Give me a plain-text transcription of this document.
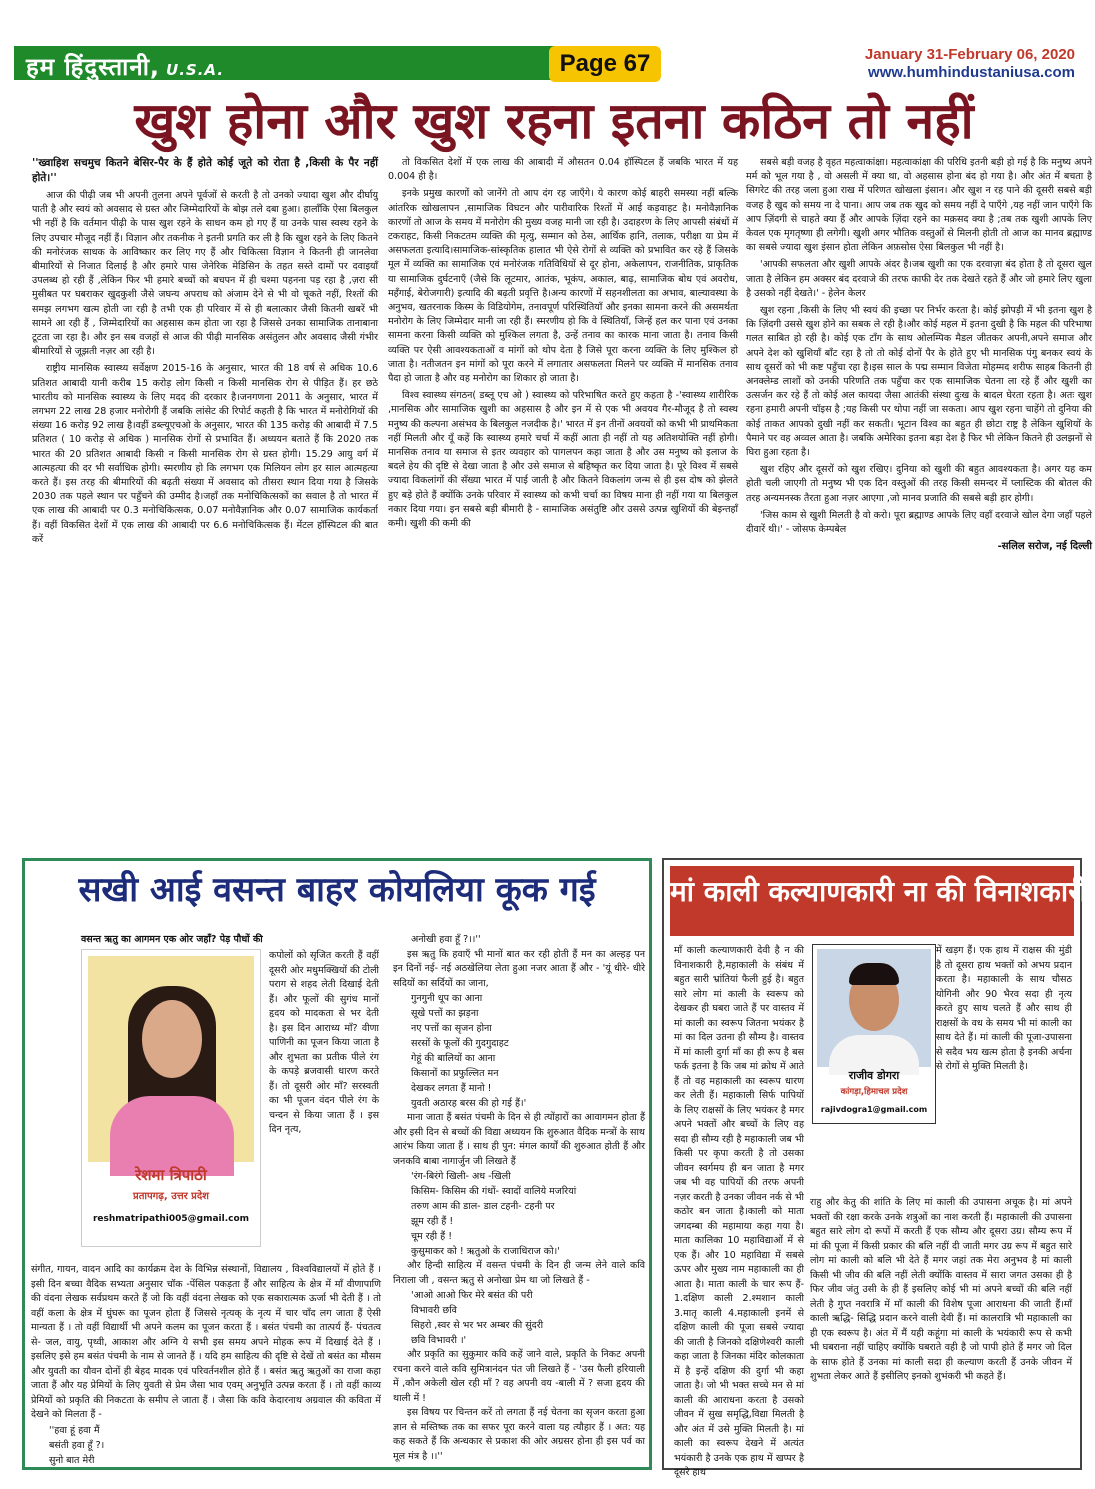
हम हिंदुस्तानी, U.S.A.	Page 67	January 31-February 06, 2020
www.humhindustaniusa.com
खुश होना और खुश रहना इतना कठिन तो नहीं

''ख्वाहिश सचमुच कितने बेसिर-पैर के हैं होते कोई जूते को रोता है ,किसी के पैर नहीं होते।''

आज की पीढ़ी जब भी अपनी तुलना अपने पूर्वजों से करती है तो उनको ज्यादा खुश और दीर्घायु पाती है और स्वयं को अवसाद से ग्रस्त और जिम्मेदारियों के बोझ तले दबा हुआ। हालाँकि ऐसा बिलकुल भी नहीं है कि वर्तमान पीढ़ी के पास खुश रहने के साधन कम हो गए हैं या उनके पास स्वस्थ रहने के लिए उपचार मौजूद नहीं हैं। विज्ञान और तकनीक ने इतनी प्रगति कर ली है कि खुश रहने के लिए कितने की मनोरंजक साधक के आविष्कार कर लिए गए हैं और चिकित्सा विज्ञान ने कितनी ही जानलेवा बीमारियों से निजात दिलाई है और हमारे पास जेनेरिक मेडिसिन के तहत सस्ते दामों पर दवाइयाँ उपलब्ध हो रही हैं ,लेकिन फिर भी हमारे बच्चों को बचपन में ही चश्मा पहनना पड़ रहा है ,ज़रा सी मुसीबत पर घबराकर खुदकुशी जैसे जघन्य अपराध को अंजाम देने से भी वो चूकते नहीं, रिश्तों की समझ लगभग खत्म होती जा रही है तभी एक ही परिवार में से ही बलात्कार जैसी कितनी खबरें भी सामने आ रही हैं , जिम्मेदारियों का अहसास कम होता जा रहा है जिससे उनका सामाजिक तानाबाना टूटता जा रहा है। और इन सब वजहों से आज की पीढ़ी मानसिक असंतुलन और अवसाद जैसी गंभीर बीमारियों से जूझती नज़र आ रही है।

राष्ट्रीय मानसिक स्वास्थ्य सर्वेक्षण 2015-16 के अनुसार, भारत की 18 वर्ष से अधिक 10.6 प्रतिशत आबादी यानी करीब 15 करोड़ लोग किसी न किसी मानसिक रोग से पीड़ित हैं। हर छठे भारतीय को मानसिक स्वास्थ्य के लिए मदद की दरकार है।जनगणना 2011 के अनुसार, भारत में लगभग 22 लाख 28 हजार मनोरोगी हैं जबकि लांसेट की रिपोर्ट कहती है कि भारत में मनोरोगियों की संख्या 16 करोड़ 92 लाख है।वहीं डब्ल्यूएचओ के अनुसार, भारत की 135 करोड़ की आबादी में 7.5 प्रतिशत ( 10 करोड़ से अधिक ) मानसिक रोगों से प्रभावित हैं। अध्ययन बताते हैं कि 2020 तक भारत की 20 प्रतिशत आबादी किसी न किसी मानसिक रोग से ग्रस्त होगी। 15.29 आयु वर्ग में आत्महत्या की दर भी सर्वाधिक होगी। स्मरणीय हो कि लगभग एक मिलियन लोग हर साल आत्महत्या करते हैं। इस तरह की बीमारियों की बढ़ती संख्या में अवसाद को तीसरा स्थान दिया गया है जिसके 2030 तक पहले स्थान पर पहुँचने की उम्मीद है।जहाँ तक मनोचिकित्सकों का सवाल है तो भारत में एक लाख की आबादी पर 0.3 मनोचिकित्सक, 0.07 मनोवैज्ञानिक और 0.07 सामाजिक कार्यकर्ता हैं। वहीं विकसित देशों में एक लाख की आबादी पर 6.6 मनोचिकित्सक हैं। मेंटल हॉस्पिटल की बात करें

तो विकसित देशों में एक लाख की आबादी में औसतन 0.04 हॉस्पिटल हैं जबकि भारत में यह 0.004 ही है।

इनके प्रमुख कारणों को जानेंगे तो आप दंग रह जाएँगे। ये कारण कोई बाहरी समस्या नहीं बल्कि आंतरिक खोखलापन ,सामाजिक विघटन और पारीवारिक रिश्तों में आई कड़वाहट है। मनोवैज्ञानिक कारणों तो आज के समय में मनोरोग की मुख्य वजह मानी जा रही है। उदाहरण के लिए आपसी संबंधों में टकराहट, किसी निकटतम व्यक्ति की मृत्यु, सम्मान को ठेस, आर्थिक हानि, तलाक, परीक्षा या प्रेम में असफलता इत्यादि।सामाजिक-सांस्कृतिक हालात भी ऐसे रोगों से व्यक्ति को प्रभावित कर रहे हैं जिसके मूल में व्यक्ति का सामाजिक एवं मनोरंजक गतिविधियों से दूर होना, अकेलापन, राजनीतिक, प्राकृतिक या सामाजिक दुर्घटनाएँ (जैसे कि लूटमार, आतंक, भूकंप, अकाल, बाढ़, सामाजिक बोध एवं अवरोध, महँगाई, बेरोजगारी) इत्यादि की बढ़ती प्रवृत्ति है।अन्य कारणों में सहनशीलता का अभाव, बाल्यावस्था के अनुभव, खतरनाक किस्म के विडियोगेम, तनावपूर्ण परिस्थितियाँ और इनका सामना करने की असमर्थता मनोरोग के लिए जिम्मेदार मानी जा रही हैं। स्मरणीय हो कि वे स्थितियाँ, जिन्हें हल कर पाना एवं उनका सामना करना किसी व्यक्ति को मुश्किल लगता है, उन्हें तनाव का कारक माना जाता है। तनाव किसी व्यक्ति पर ऐसी आवश्यकताओं व मांगों को थोप देता है जिसे पूरा करना व्यक्ति के लिए मुश्किल हो जाता है। नतीजतन इन मांगों को पूरा करने में लगातार असफलता मिलने पर व्यक्ति में मानसिक तनाव पैदा हो जाता है और वह मनोरोग का शिकार हो जाता है।

विश्व स्वास्थ्य संगठन( डब्लू एच ओ ) स्वास्थ्य को परिभाषित करते हुए कहता है -'स्वास्थ्य शारीरिक ,मानसिक और सामाजिक खुशी का अहसास है और इन में से एक भी अवयव गैर-मौजूद है तो स्वस्थ मनुष्य की कल्पना असंभव के बिलकुल नजदीक है।' भारत में इन तीनों अवयवों को कभी भी प्राथमिकता नहीं मिलती और यूँ कहें कि स्वास्थ्य हमारे चर्चा में कहीं आता ही नहीं तो यह अतिशयोक्ति नहीं होगी। मानसिक तनाव या समाज से इतर व्यवहार को पागलपन कहा जाता है और उस मनुष्य को इलाज के बदले हेय की दृष्टि से देखा जाता है और उसे समाज से बहिष्कृत कर दिया जाता है। पूरे विश्व में सबसे ज्यादा विकलांगों की सँख्या भारत में पाई जाती है और कितने विकलांग जन्म से ही इस दोष को झेलते हुए बड़े होते हैं क्योंकि उनके परिवार में स्वास्थ्य को कभी चर्चा का विषय माना ही नहीं गया या बिलकुल नकार दिया गया। इन सबसे बड़ी बीमारी है - सामाजिक असंतुष्टि और उससे उत्पन्न खुशियों की बेइन्तहाँ कमी। खुशी की कमी की

सबसे बड़ी वजह है वृहत महत्वाकांक्षा। महत्वाकांक्षा की परिधि इतनी बड़ी हो गई है कि मनुष्य अपने मर्म को भूल गया है , वो असली में क्या था, वो अहसास होना बंद हो गया है। और अंत में बचता है सिगरेट की तरह जला हुआ राख में परिणत खोखला इंसान। और खुश न रह पाने की दूसरी सबसे बड़ी वजह है खुद को समय ना दे पाना। आप जब तक खुद को समय नहीं दे पाएँगे ,यह नहीं जान पाएँगे कि आप ज़िंदगी से चाहते क्या हैं और आपके ज़िंदा रहने का मक़सद क्या है ;तब तक खुशी आपके लिए केवल एक मृगतृष्णा ही लगेगी। खुशी अगर भौतिक वस्तुओं से मिलनी होती तो आज का मानव ब्रह्माण्ड का सबसे ज्यादा खुश इंसान होता लेकिन अफ़सोस ऐसा बिलकुल भी नहीं है।

'आपकी सफलता और खुशी आपके अंदर है।जब खुशी का एक दरवाज़ा बंद होता है तो दूसरा खुल जाता है लेकिन हम अक्सर बंद दरवाजे की तरफ काफी देर तक देखते रहते हैं और जो हमारे लिए खुला है उसको नहीं देखते।' - हेलेन केलर

खुश रहना ,किसी के लिए भी स्वयं की इच्छा पर निर्भर करता है। कोई झोपड़ी में भी इतना खुश है कि ज़िंदगी उससे खुश होने का सबक ले रही है।और कोई महल में इतना दुखी है कि महल की परिभाषा गलत साबित हो रही है। कोई एक टाँग के साथ ओलम्पिक मैडल जीतकर अपनी,अपने समाज और अपने देश को खुशियाँ बाँट रहा है तो तो कोई दोनों पैर के होते हुए भी मानसिक पंगु बनकर स्वयं के साथ दूसरों को भी कष्ट पहुँचा रहा है।इस साल के पद्म सम्मान विजेता मोहम्मद शरीफ साहब कितनी ही अनक्लेम्ड लाशों को उनकी परिणति तक पहुँचा कर एक सामाजिक चेतना ला रहे हैं और खुशी का उत्सर्जन कर रहे हैं तो कोई अल कायदा जैसा आतंकी संस्था दुःख के बादल घेरता रहता है। अतः खुश रहना हमारी अपनी चॉइस है ;यह किसी पर थोपा नहीं जा सकता। आप खुश रहना चाहेंगे तो दुनिया की कोई ताकत आपको दुखी नहीं कर सकती। भूटान विश्व का बहुत ही छोटा राष्ट्र है लेकिन खुशियों के पैमाने पर वह अव्वल आता है। जबकि अमेरिका इतना बड़ा देश है फिर भी लेकिन कितने ही उलझनों से घिरा हुआ रहता है।

खुश रहिए और दूसरों को खुश रखिए। दुनिया को खुशी की बहुत आवश्यकता है। अगर यह कम होती चली जाएगी तो मनुष्य भी एक दिन वस्तुओं की तरह किसी समन्दर में प्लास्टिक की बोतल की तरह अन्यमनस्क तैरता हुआ नज़र आएगा ,जो मानव प्रजाति की सबसे बड़ी हार होगी।

'जिस काम से खुशी मिलती है वो करो। पूरा ब्रह्माण्ड आपके लिए वहाँ दरवाजे खोल देगा जहाँ पहले दीवारें थी।' - जोसफ केम्पबेल

-सलिल सरोज, नई दिल्ली

सखी आई वसन्त बाहर कोयलिया कूक गई
वसन्त ऋतु का आगमन एक ओर जहाँ? पेड़ पौधों की
रेशमा त्रिपाठी
प्रतापगढ़, उत्तर प्रदेश
reshmatripathi005@gmail.com
कपोलों को सृजित करती हैं वहीं दूसरी ओर मधुमक्खियों की टोली पराग से शहद लेती दिखाई देती हैं। और फूलों की सुगंध मानों हृदय को मादकता से भर देती है। इस दिन आराध्य माँ? वीणा पाणिनी का पूजन किया जाता है और शुभता का प्रतीक पीले रंग के कपड़े ब्रजवासी धारण करते हैं। तो दूसरी ओर माँ? सरस्वती का भी पूजन वंदन पीले रंग के चन्दन से किया जाता हैं । इस दिन नृत्य,
संगीत, गायन, वादन आदि का कार्यक्रम देश के विभिन्न संस्थानों, विद्यालय , विश्वविद्यालयों में होते हैं । इसी दिन बच्चा वैदिक सभ्यता अनुसार चॉक -पेंसिल पकड़ता हैं और साहित्य के क्षेत्र में माँ वीणापाणि की वंदना लेखक सर्वप्रथम करते हैं जो कि वहीं वंदना लेखक को एक सकारात्मक ऊर्जा भी देती हैं । तो वहीं कला के क्षेत्र में घुंघरू का पूजन होता हैं जिससे नृत्यक् के नृत्य में चार चाँद लग जाता हैं ऐसी मान्यता हैं । तो वहीं विद्यार्थी भी अपने कलम का पूजन करता हैं । बसंत पंचमी का तात्पर्य हैं- पंचतत्व से- जल, वायु, पृथ्वी, आकाश और अग्नि ये सभी इस समय अपने मोहक रूप में दिखाई देते हैं । इसलिए इसे हम बसंत पंचमी के नाम से जानते हैं । यदि हम साहित्य की दृष्टि से देखें तो बसंत का मौसम और युवती का यौवन दोनों ही बेहद मादक एवं परिवर्तनशील होते हैं । बसंत ऋतु ऋतुओं का राजा कहा जाता हैं और यह प्रेमियों के लिए युवती से प्रेम जैसा भाव एवम् अनुभूति उत्पन्न करता हैं । तो वहीं काव्य प्रेमियों को प्रकृति की निकटता के समीप ले जाता हैं । जैसा कि कवि केदारनाथ अग्रवाल की कविता में देखने को मिलता हैं -
''हवा हूं हवा मैं
बसंती हवा हूँ ?।
सुनो बात मेरी
अनोखी हवा हूँ ?।।''
इस ऋतु कि हवाएँ भी मानों बात कर रही होती हैं मन का अल्हड़ पन इन दिनों नई- नई अठखेलिया लेता हुआ नजर आता हैं और - 'यूं धीरे- धीरे सदियों का सर्दियों का जाना,
गुनगुनी धूप का आना
सूखे पत्तों का झड़ना
नए पत्तों का सृजन होना
सरसों के फूलों की गुदगुदाहट
गेहूं की बालियों का आना
किसानों का प्रफुल्लित मन
देखकर लगता हैं मानो !
युवती अठारह बरस की हो गई हैं।'
माना जाता हैं बसंत पंचमी के दिन से ही त्योंहारों का आवागमन होता हैं और इसी दिन से बच्चों की विद्या अध्ययन कि शुरुआत वैदिक मन्त्रों के साथ आरंभ किया जाता हैं । साथ ही पुन: मंगल कार्यों की शुरुआत होती हैं और जनकवि बाबा नागार्जुन जी लिखते हैं
'रंग-बिरंगे खिली- अध -खिली
किसिम- किसिम की गंधों- स्वादों वालिये मजरियां
तरुण आम की डाल- डाल टहनी- टहनी पर
झूम रही हैं !
चूम रही हैं !
कुसुमाकर को ! ऋतुओ के राजाधिराज को।'
और हिन्दी साहित्य में वसन्त पंचमी के दिन ही जन्म लेने वाले कवि निराला जी , वसन्त ऋतु से अनोखा प्रेम था जो लिखते हैं -
'आओ आओ फिर मेरे बसंत की परी
विभावरी छवि
सिहरो ,स्वर से भर भर अम्बर की सुंदरी
छवि विभावरी ।'
और प्रकृति का सुकुमार कवि कहें जाने वाले, प्रकृति के निकट अपनी रचना करने वाले कवि सुमित्रानंदन पंत जी लिखते हैं - 'उस फैली हरियाली में ,कौन अकेली खेल रही माँ ? वह अपनी वय -बाली में ? सजा हृदय की थाली में !
इस विषय पर चिन्तन करें तो लगता हैं नई चेतना का सृजन करता हुआ ज्ञान से मस्तिष्क तक का सफर पूरा करने वाला यह त्यौहार हैं । अत: यह कह सकते हैं कि अन्धकार से प्रकाश की ओर अग्रसर होना ही इस पर्व का मूल मंत्र है ।।''
मां काली कल्याणकारी ना की विनाशकारी
माँ काली कल्याणकारी देवी है न की विनाशकारी है,महाकाली के संबंध में बहुत सारी भ्रांतियां फैली हुई है। बहुत सारे लोग मां काली के स्वरूप को देखकर ही घबरा जाते हैं पर वास्तव में मां काली का स्वरूप जितना भयंकर है मां का दिल उतना ही सौम्य है। वास्तव में मां काली दुर्गा माँ का ही रूप है बस फर्क इतना है कि जब मां क्रोध में आते हैं तो वह महाकाली का स्वरूप धारण कर लेती हैं। महाकाली सिर्फ पापियों के लिए राक्षसों के लिए भयंकर है मगर अपने भक्तों और बच्चों के लिए वह सदा ही सौम्य रही है महाकाली जब भी किसी पर कृपा करती है तो उसका जीवन स्वर्गमय ही बन जाता है मगर जब भी वह पापियों की तरफ अपनी नज़र करती है उनका जीवन नर्क से भी कठोर बन जाता है।काली को माता जगदम्बा की महामाया कहा गया है। माता कालिका 10 महाविद्याओं में से एक हैं। और 10 महाविद्या में सबसे ऊपर और मुख्य नाम महाकाली का ही आता है। माता काली के चार रूप हैं- 1.दक्षिण काली 2.श्मशान काली 3.मातृ काली 4.महाकाली इनमें से दक्षिण काली की पूजा सबसे ज्यादा की जाती है जिनको दक्षिणेश्वरी काली कहा जाता है जिनका मंदिर कोलकाता में है इन्हें दक्षिण की दुर्गा भी कहा जाता है। जो भी भक्त सच्चे मन से मां काली की आराधना करता है उसको जीवन में सुख समृद्धि,विद्या मिलती है और अंत में उसे मुक्ति मिलती है। मां काली का स्वरूप देखने में अत्यंत भयंकारी है उनके एक हाथ में खप्पर है दूसरे हाथ
राजीव डोगरा
कांगड़ा,हिमाचल प्रदेश
rajivdogra1@gmail.com
में खड़ग हैं। एक हाथ में राक्षस की मुंडी है तो दूसरा हाथ भक्तों को अभय प्रदान करता है। महाकाली के साथ चौसठ योगिनी और 90 भैरव सदा ही नृत्य करते हुए साथ चलते हैं और साथ ही राक्षसों के वध के समय भी मां काली का साथ देते हैं। मां काली की पूजा-उपासना से सदैव भय खत्म होता है इनकी अर्चना से रोगों से मुक्ति मिलती है।
राहु और केतु की शांति के लिए मां काली की उपासना अचूक है। मां अपने भक्तों की रक्षा करके उनके शत्रुओं का नाश करती हैं। महाकाली की उपासना बहुत सारे लोग दो रूपों में करती हैं एक सौम्य और दूसरा उग्र। सौम्य रूप में मां की पूजा में किसी प्रकार की बलि नहीं दी जाती मगर उग्र रूप में बहुत सारे लोग मां काली को बलि भी देते हैं मगर जहां तक मेरा अनुभव है मां काली किसी भी जीव की बलि नहीं लेती क्योंकि वास्तव में सारा जगत उसका ही है फिर जीव जंतु उसी के ही हैं इसलिए कोई भी मां अपने बच्चों की बलि नहीं लेती है गुप्त नवरात्रि में माँ काली की विशेष पूजा आराधना की जाती हैं।माँ काली ऋद्धि- सिद्धि प्रदान करने वाली देवी हैं। मां कालरात्रि भी महाकाली का ही एक स्वरूप है। अंत में मैं यही कहूंगा मां काली के भयंकारी रूप से कभी भी घबराना नहीं चाहिए क्योंकि घबराते वही है जो पापी होते हैं मगर जो दिल के साफ होते हैं उनका मां काली सदा ही कल्याण करती हैं उनके जीवन में शुभता लेकर आते हैं इसीलिए इनको शुभंकरी भी कहते हैं।
